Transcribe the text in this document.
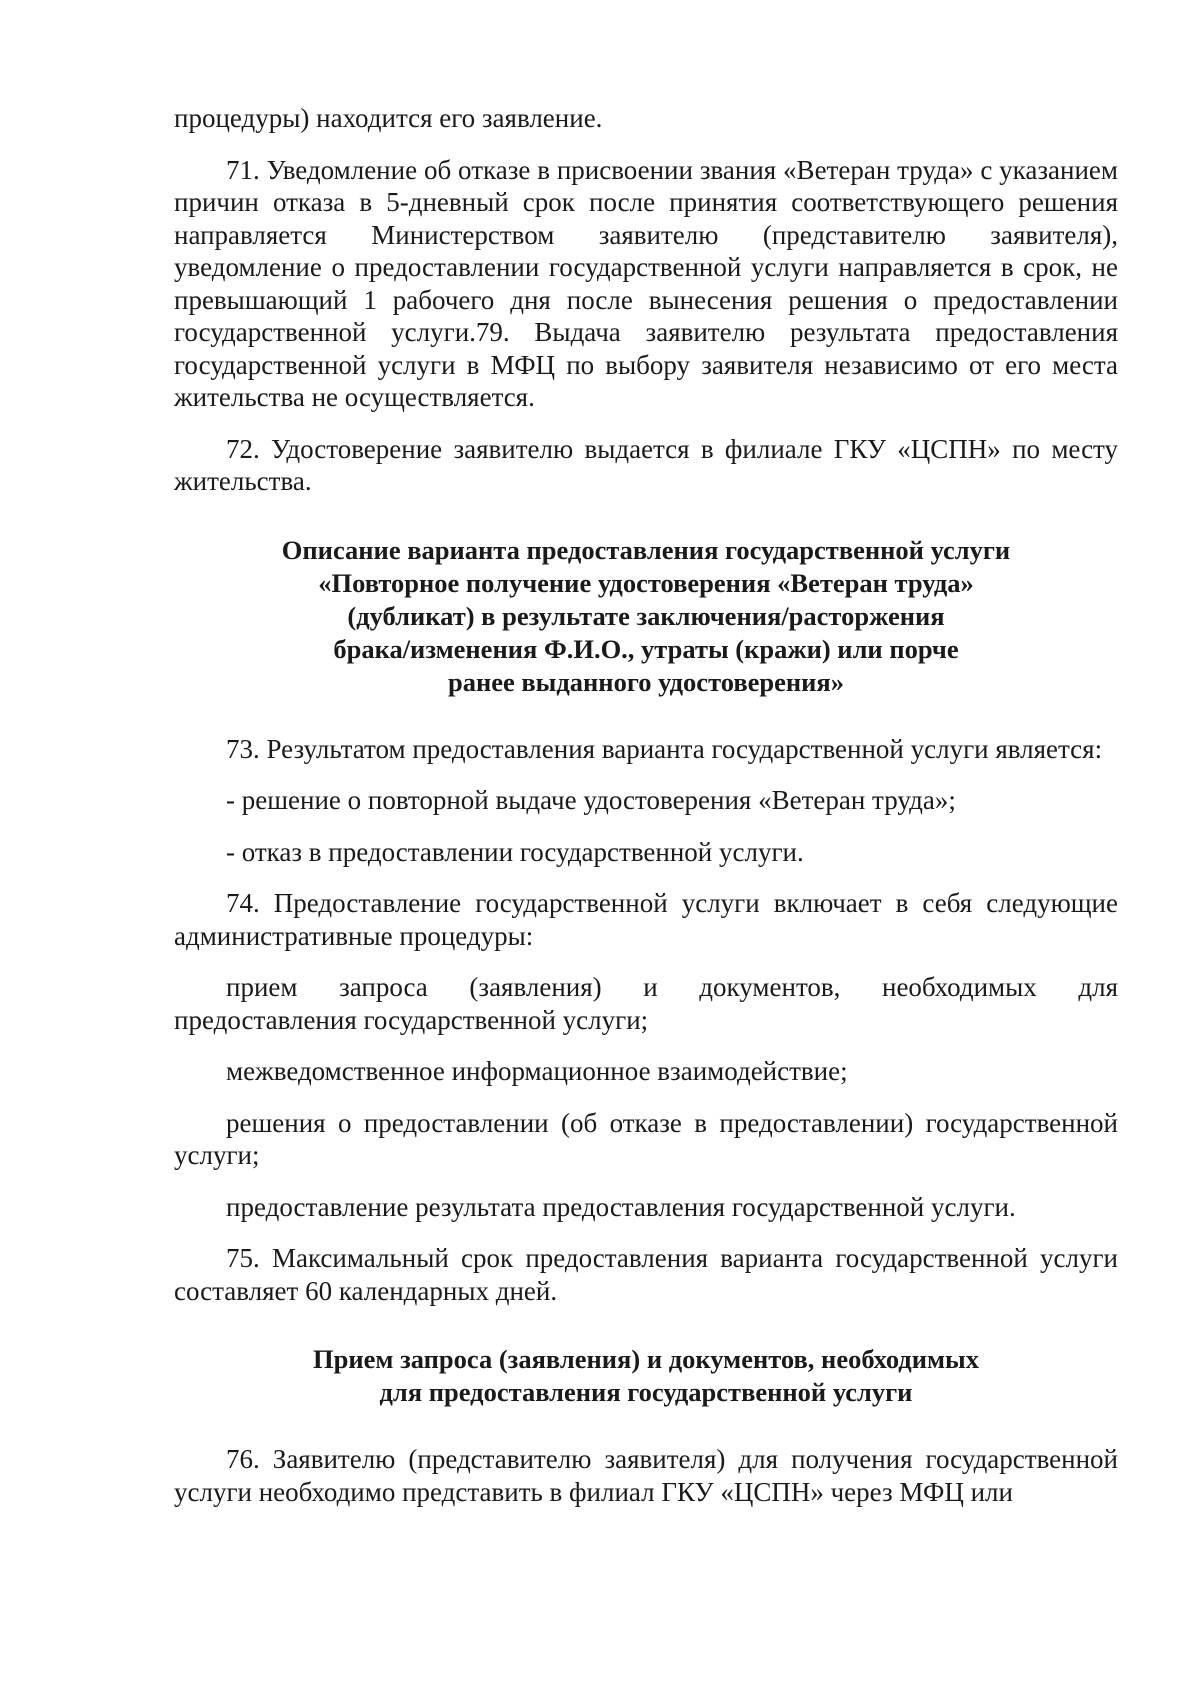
процедуры) находится его заявление.

71. Уведомление об отказе в присвоении звания «Ветеран труда» с указанием причин отказа в 5-дневный срок после принятия соответствующего решения направляется Министерством заявителю (представителю заявителя), уведомление о предоставлении государственной услуги направляется в срок, не превышающий 1 рабочего дня после вынесения решения о предоставлении государственной услуги.79. Выдача заявителю результата предоставления государственной услуги в МФЦ по выбору заявителя независимо от его места жительства не осуществляется.

72. Удостоверение заявителю выдается в филиале ГКУ «ЦСПН» по месту жительства.

Описание варианта предоставления государственной услуги
«Повторное получение удостоверения «Ветеран труда»
(дубликат) в результате заключения/расторжения
брака/изменения Ф.И.О., утраты (кражи) или порче
ранее выданного удостоверения»

73. Результатом предоставления варианта государственной услуги является:

- решение о повторной выдаче удостоверения «Ветеран труда»;

- отказ в предоставлении государственной услуги.

74. Предоставление государственной услуги включает в себя следующие административные процедуры:

прием запроса (заявления) и документов, необходимых для

предоставления государственной услуги;

межведомственное информационное взаимодействие;

решения о предоставлении (об отказе в предоставлении) государственной услуги;

предоставление результата предоставления государственной услуги.

75. Максимальный срок предоставления варианта государственной услуги составляет 60 календарных дней.

Прием запроса (заявления) и документов, необходимых
для предоставления государственной услуги

76. Заявителю (представителю заявителя) для получения государственной услуги необходимо представить в филиал ГКУ «ЦСПН» через МФЦ или
